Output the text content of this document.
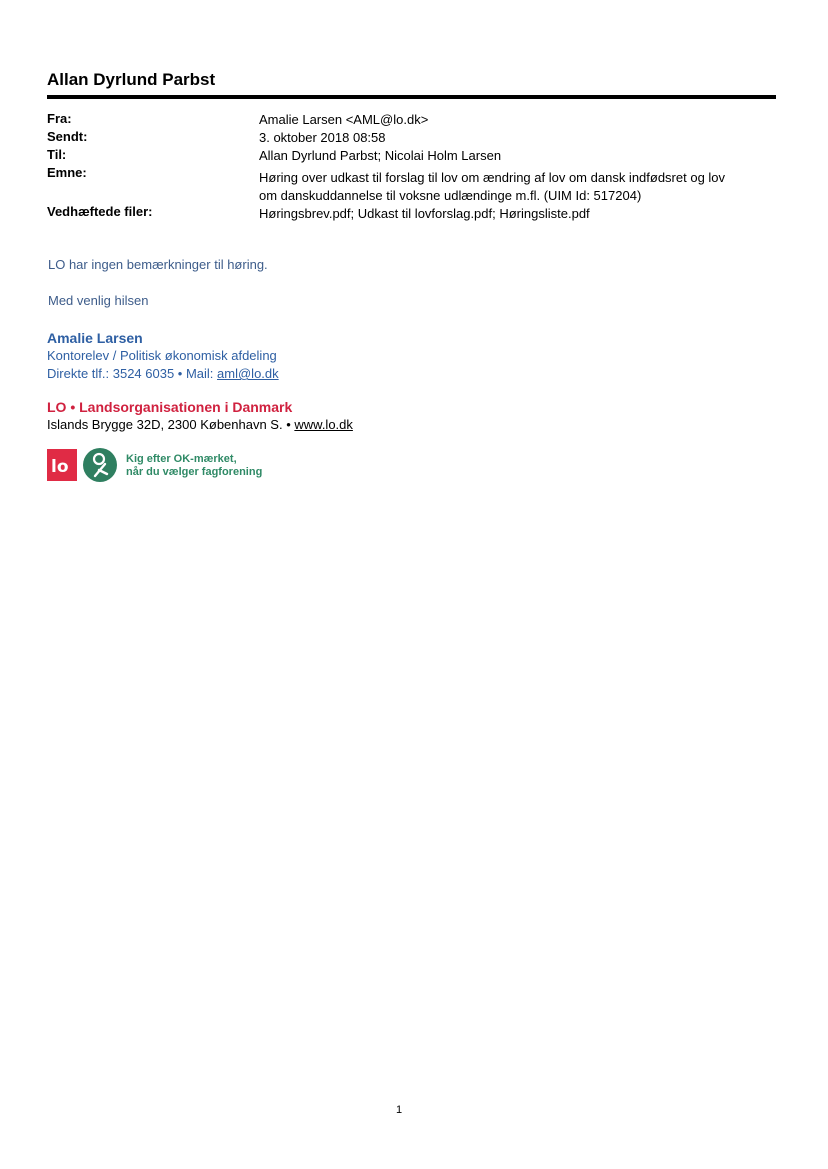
Allan Dyrlund Parbst
Fra:	Amalie Larsen <AML@lo.dk>
Sendt:	3. oktober 2018 08:58
Til:	Allan Dyrlund Parbst; Nicolai Holm Larsen
Emne:	Høring over udkast til forslag til lov om ændring af lov om dansk indfødsret og lov
om danskuddannelse til voksne udlændinge m.fl. (UIM Id: 517204)
Vedhæftede filer:	Høringsbrev.pdf; Udkast til lovforslag.pdf; Høringsliste.pdf
LO har ingen bemærkninger til høring.
Med venlig hilsen
Amalie Larsen
Kontorelev / Politisk økonomisk afdeling
Direkte tlf.: 3524 6035 • Mail: aml@lo.dk
LO • Landsorganisationen i Danmark
Islands Brygge 32D, 2300 København S. • www.lo.dk
lo	Kig efter OK-mærket,
når du vælger fagforening
1
